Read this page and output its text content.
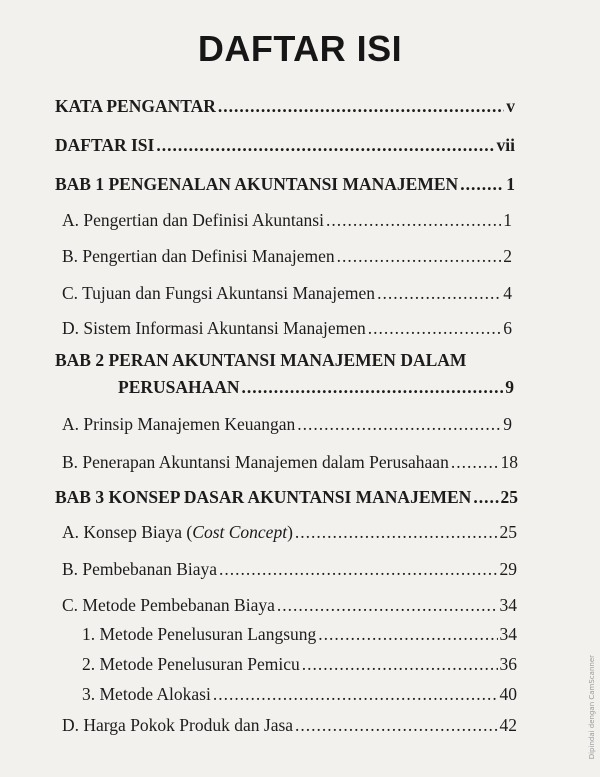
DAFTAR ISI
KATA PENGANTAR .....	v
DAFTAR ISI .....	vii
BAB 1 PENGENALAN AKUNTANSI MANAJEMEN .....	1
A. Pengertian dan Definisi Akuntansi .....	1
B. Pengertian dan Definisi Manajemen .....	2
C. Tujuan dan Fungsi Akuntansi Manajemen .....	4
D. Sistem Informasi Akuntansi Manajemen .....	6
BAB 2 PERAN AKUNTANSI MANAJEMEN DALAM
PERUSAHAAN .....	9
A. Prinsip Manajemen Keuangan .....	9
B. Penerapan Akuntansi Manajemen dalam Perusahaan .....	18
BAB 3 KONSEP DASAR AKUNTANSI MANAJEMEN ..... 25
A. Konsep Biaya (Cost Concept) .....	25
B. Pembebanan Biaya .....	29
C. Metode Pembebanan Biaya .....	34
1. Metode Penelusuran Langsung .....	34
2. Metode Penelusuran Pemicu .....	36
3. Metode Alokasi .....	40
D. Harga Pokok Produk dan Jasa .....	42	Dipindai dengan CamScanner
